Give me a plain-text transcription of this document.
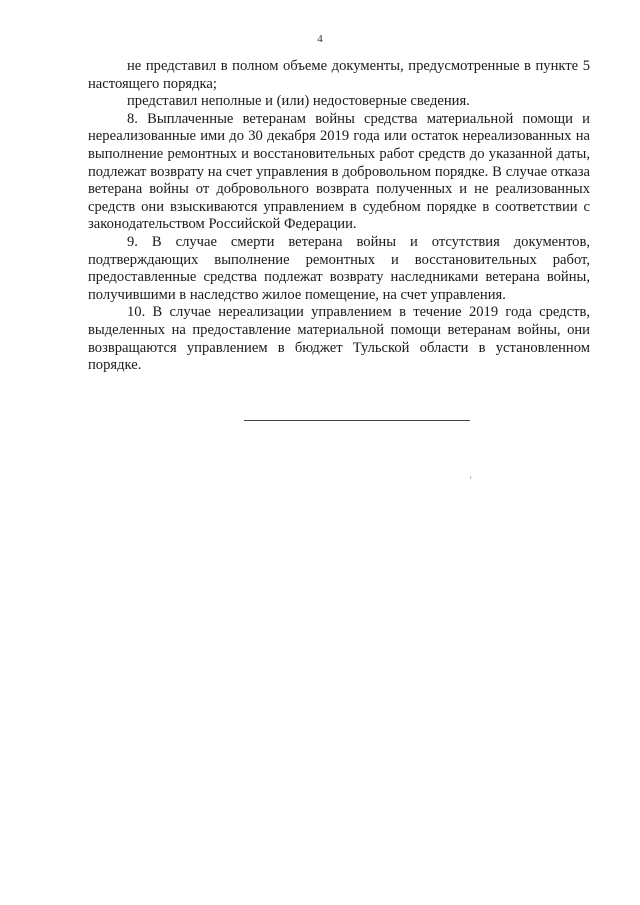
4

не представил в полном объеме документы, предусмотренные в пункте 5 настоящего порядка;

представил неполные и (или) недостоверные сведения.

8. Выплаченные ветеранам войны средства материальной помощи и нереализованные ими до 30 декабря 2019 года или остаток нереализованных на выполнение ремонтных и восстановительных работ средств до указанной даты, подлежат возврату на счет управления в добровольном порядке. В случае отказа ветерана войны от добровольного возврата полученных и не реализованных средств они взыскиваются управлением в судебном порядке в соответствии с законодательством Российской Федерации.

9. В случае смерти ветерана войны и отсутствия документов, подтверждающих выполнение ремонтных и восстановительных работ, предоставленные средства подлежат возврату наследниками ветерана войны, получившими в наследство жилое помещение, на счет управления.

10. В случае нереализации управлением в течение 2019 года средств, выделенных на предоставление материальной помощи ветеранам войны, они возвращаются управлением в бюджет Тульской области в установленном порядке.
